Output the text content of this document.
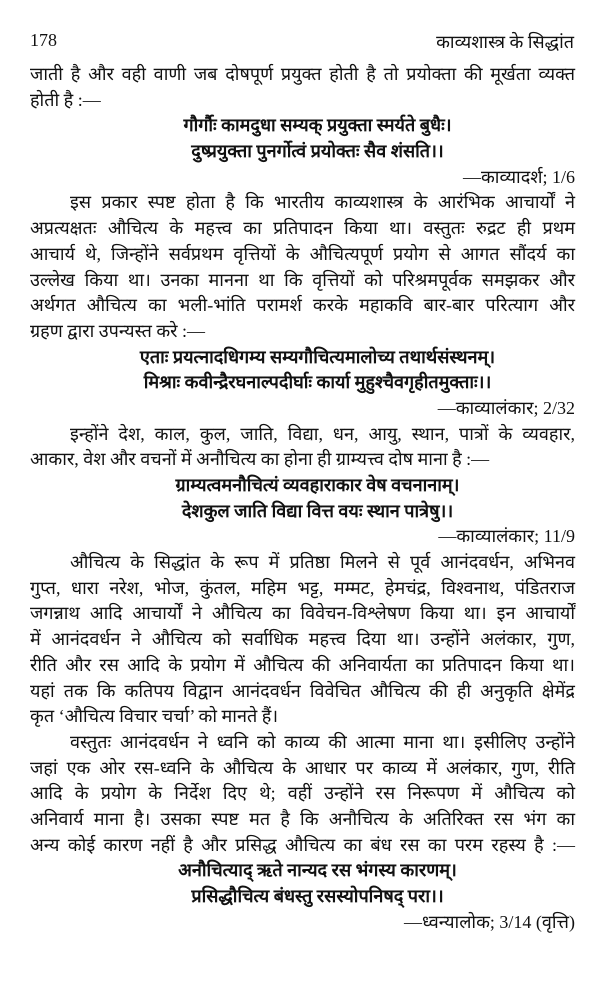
178	काव्यशास्त्र के सिद्धांत
जाती है और वही वाणी जब दोषपूर्ण प्रयुक्त होती है तो प्रयोक्ता की मूर्खता व्यक्त
होती है :—
गौर्गौः कामदुधा सम्यक् प्रयुक्ता स्मर्यते बुधैः।
दुष्प्रयुक्ता पुनर्गोत्वं प्रयोक्तः सैव शंसति।।
—काव्यादर्श; 1/6
इस प्रकार स्पष्ट होता है कि भारतीय काव्यशास्त्र के आरंभिक आचार्यों ने
अप्रत्यक्षतः औचित्य के महत्त्व का प्रतिपादन किया था। वस्तुतः रुद्रट ही प्रथम
आचार्य थे, जिन्होंने सर्वप्रथम वृत्तियों के औचित्यपूर्ण प्रयोग से आगत सौंदर्य का
उल्लेख किया था। उनका मानना था कि वृत्तियों को परिश्रमपूर्वक समझकर और
अर्थगत औचित्य का भली-भांति परामर्श करके महाकवि बार-बार परित्याग और
ग्रहण द्वारा उपन्यस्त करे :—
एताः प्रयत्नादधिगम्य सम्यगौचित्यमालोच्य तथार्थसंस्थनम्।
मिश्राः कवीन्द्रैरघनाल्पदीर्घाः कार्या मुहुश्चैवगृहीतमुक्ताः।।
—काव्यालंकार; 2/32
इन्होंने देश, काल, कुल, जाति, विद्या, धन, आयु, स्थान, पात्रों के व्यवहार,
आकार, वेश और वचनों में अनौचित्य का होना ही ग्राम्यत्त्व दोष माना है :—
ग्राम्यत्वमनौचित्यं व्यवहाराकार वेष वचनानाम्।
देशकुल जाति विद्या वित्त वयः स्थान पात्रेषु।।
—काव्यालंकार; 11/9
औचित्य के सिद्धांत के रूप में प्रतिष्ठा मिलने से पूर्व आनंदवर्धन, अभिनव
गुप्त, धारा नरेश, भोज, कुंतल, महिम भट्ट, मम्मट, हेमचंद्र, विश्वनाथ, पंडितराज
जगन्नाथ आदि आचार्यों ने औचित्य का विवेचन-विश्लेषण किया था। इन आचार्यों
में आनंदवर्धन ने औचित्य को सर्वाधिक महत्त्व दिया था। उन्होंने अलंकार, गुण,
रीति और रस आदि के प्रयोग में औचित्य की अनिवार्यता का प्रतिपादन किया था।
यहां तक कि कतिपय विद्वान आनंदवर्धन विवेचित औचित्य की ही अनुकृति क्षेमेंद्र
कृत ‘औचित्य विचार चर्चा’ को मानते हैं।
वस्तुतः आनंदवर्धन ने ध्वनि को काव्य की आत्मा माना था। इसीलिए उन्होंने
जहां एक ओर रस-ध्वनि के औचित्य के आधार पर काव्य में अलंकार, गुण, रीति
आदि के प्रयोग के निर्देश दिए थे; वहीं उन्होंने रस निरूपण में औचित्य को
अनिवार्य माना है। उसका स्पष्ट मत है कि अनौचित्य के अतिरिक्त रस भंग का
अन्य कोई कारण नहीं है और प्रसिद्ध औचित्य का बंध रस का परम रहस्य है :—
अनौचित्याद् ऋते नान्यद रस भंगस्य कारणम्।
प्रसिद्धौचित्य बंधस्तु रसस्योपनिषद् परा।।
—ध्वन्यालोक; 3/14 (वृत्ति)
